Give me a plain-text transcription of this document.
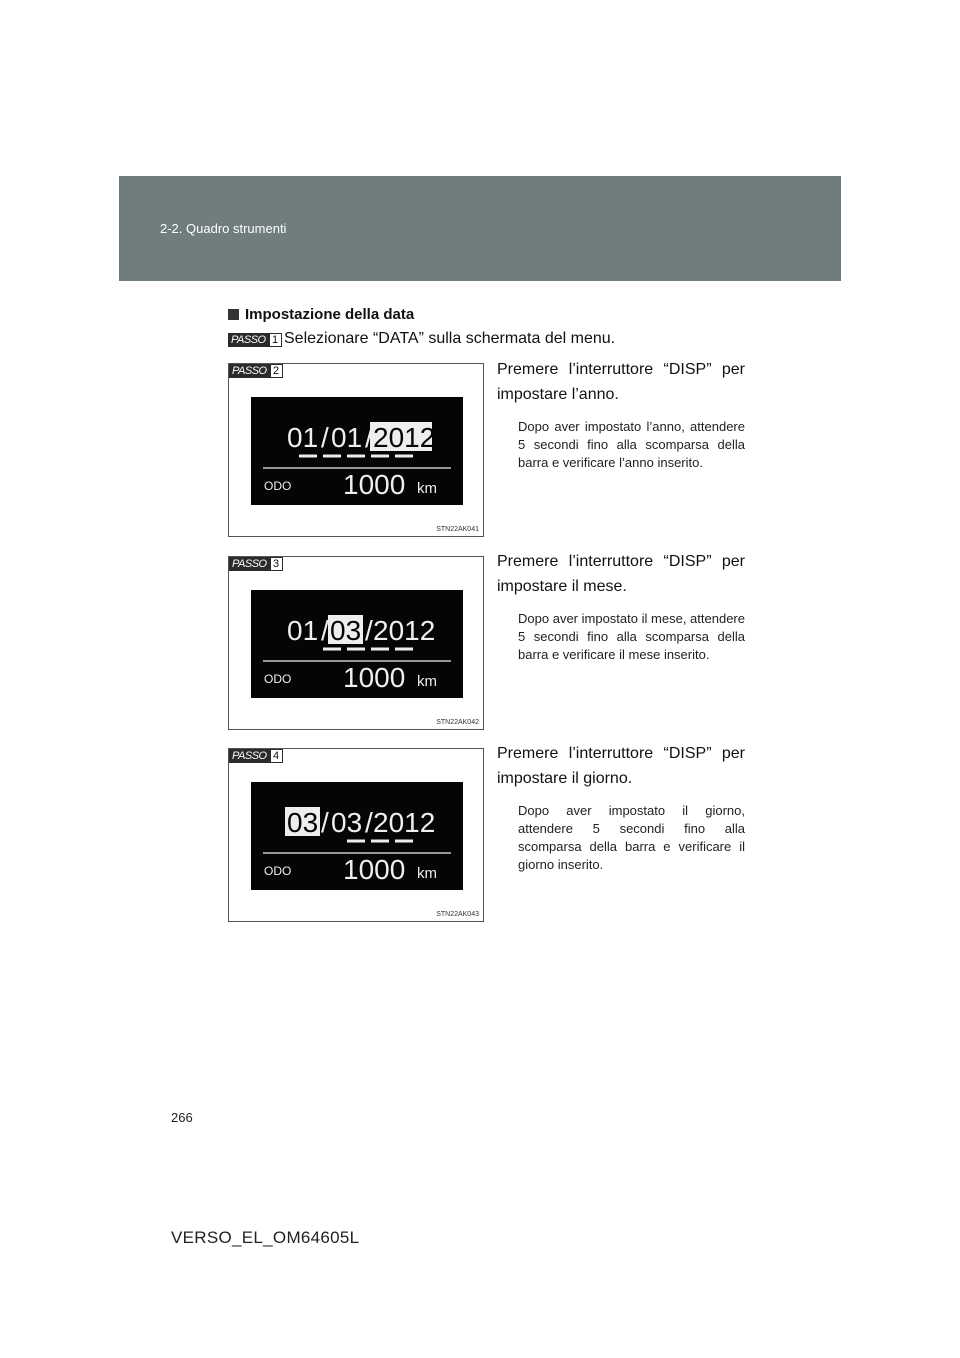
2-2. Quadro strumenti
Impostazione della data
PASSO 1 Selezionare “DATA” sulla schermata del menu.
PASSO 2
01 / 01 / 2012
ODO 1000 km
STN22AK041
Premere l’interruttore “DISP” per impostare l’anno.
Dopo aver impostato l’anno, attendere 5 secondi fino alla scomparsa della barra e verificare l’anno inserito.
PASSO 3
01 / 03 / 2012
ODO 1000 km
STN22AK042
Premere l’interruttore “DISP” per impostare il mese.
Dopo aver impostato il mese, attendere 5 secondi fino alla scomparsa della barra e verificare il mese inserito.
PASSO 4
03 / 03 / 2012
ODO 1000 km
STN22AK043
Premere l’interruttore “DISP” per impostare il giorno.
Dopo aver impostato il giorno, attendere 5 secondi fino alla scomparsa della barra e verificare il giorno inserito.
266
VERSO_EL_OM64605L
